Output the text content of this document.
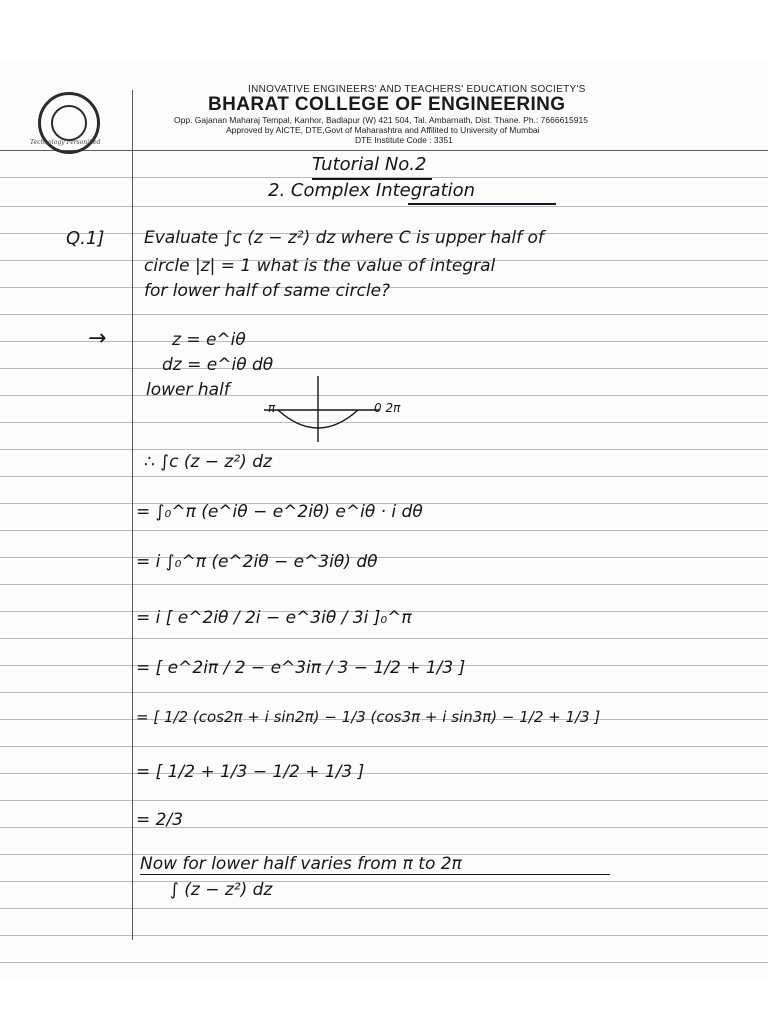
Technology Personified
INNOVATIVE ENGINEERS' AND TEACHERS' EDUCATION SOCIETY'S
BHARAT COLLEGE OF ENGINEERING
Opp. Gajanan Maharaj Tempal, Kanhor, Badlapur (W) 421 504, Tal. Ambarnath, Dist. Thane. Ph.: 7666615915
Approved by AICTE, DTE,Govt of Maharashtra and Affilited to University of Mumbai
DTE Institute Code : 3351
Tutorial No.2
2. Complex Integration
Q.1] Evaluate ∫c (z − z²) dz where C is upper half of
circle |z| = 1 what is the value of integral
for lower half of same circle?
→	z = e^iθ
dz = e^iθ dθ
lower half
π	0 2π
∴ ∫c (z − z²) dz
= ∫₀^π (e^iθ − e^2iθ) e^iθ · i dθ
= i ∫₀^π (e^2iθ − e^3iθ) dθ
= i [ e^2iθ / 2i − e^3iθ / 3i ]₀^π
= [ e^2iπ / 2 − e^3iπ / 3 − 1/2 + 1/3 ]
= [ 1/2 (cos2π + i sin2π) − 1/3 (cos3π + i sin3π) − 1/2 + 1/3 ]
= [ 1/2 + 1/3 − 1/2 + 1/3 ]
= 2/3
Now for lower half varies from π to 2π
∫ (z − z²) dz
